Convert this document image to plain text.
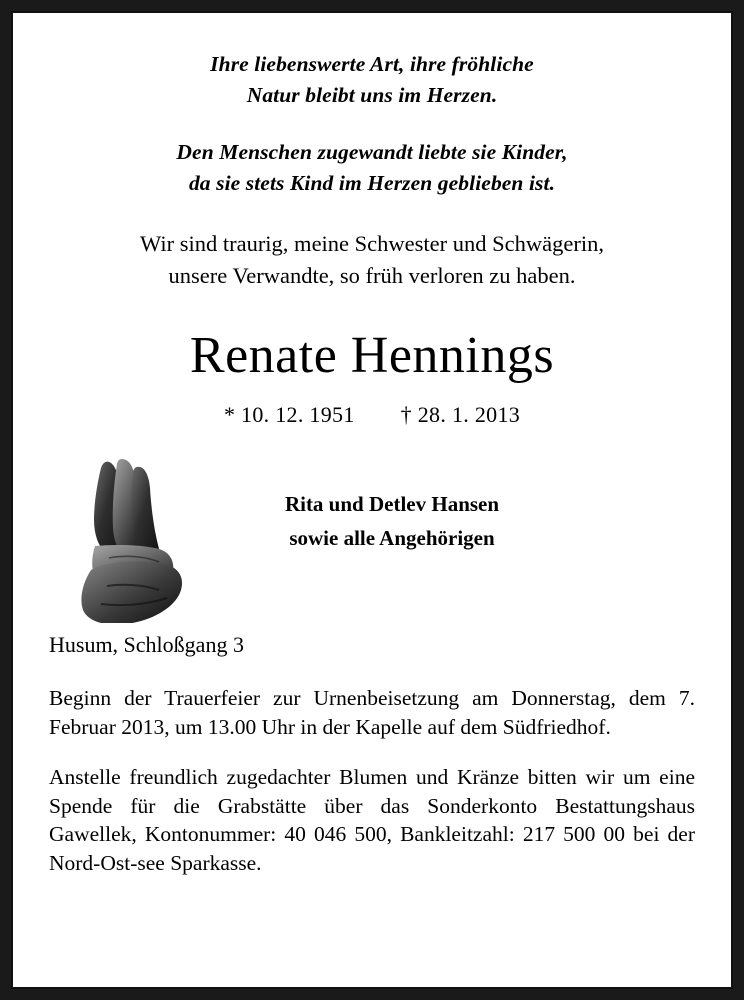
Ihre liebenswerte Art, ihre fröhliche
Natur bleibt uns im Herzen.
Den Menschen zugewandt liebte sie Kinder,
da sie stets Kind im Herzen geblieben ist.
Wir sind traurig, meine Schwester und Schwägerin,
unsere Verwandte, so früh verloren zu haben.
Renate Hennings
* 10. 12. 1951 † 28. 1. 2013
Rita und Detlev Hansen
sowie alle Angehörigen
Husum, Schloßgang 3
Beginn der Trauerfeier zur Urnenbeisetzung am Donnerstag, dem 7. Februar 2013, um 13.00 Uhr in der Kapelle auf dem Südfriedhof.
Anstelle freundlich zugedachter Blumen und Kränze bitten wir um eine Spende für die Grabstätte über das Sonderkonto Bestattungshaus Gawellek, Kontonummer: 40 046 500, Bankleitzahl: 217 500 00 bei der Nord-Ost-see Sparkasse.
